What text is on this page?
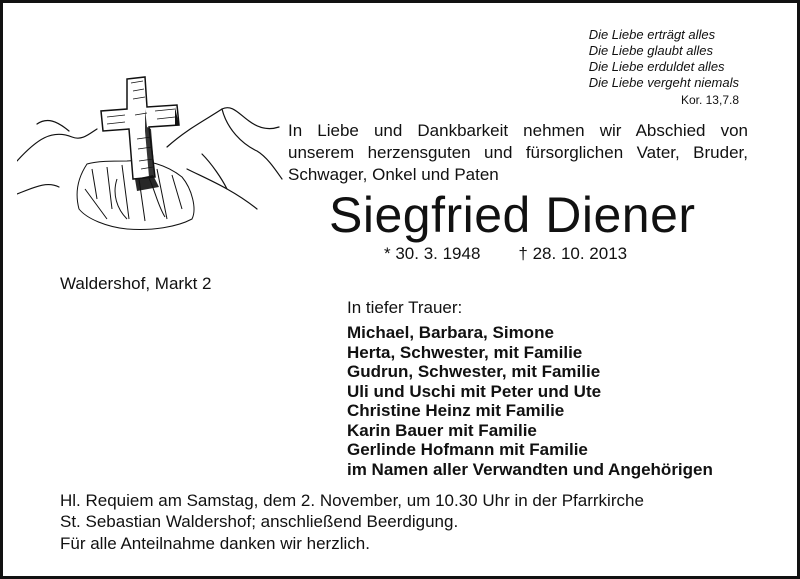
Die Liebe erträgt alles
Die Liebe glaubt alles
Die Liebe erduldet alles
Die Liebe vergeht niemals
Kor. 13,7.8
In Liebe und Dankbarkeit nehmen wir Abschied von
unserem herzensguten und fürsorglichen Vater, Bruder,
Schwager, Onkel und Paten
Siegfried Diener
* 30. 3. 1948 † 28. 10. 2013
Waldershof, Markt 2
In tiefer Trauer:
Michael, Barbara, Simone
Herta, Schwester, mit Familie
Gudrun, Schwester, mit Familie
Uli und Uschi mit Peter und Ute
Christine Heinz mit Familie
Karin Bauer mit Familie
Gerlinde Hofmann mit Familie
im Namen aller Verwandten und Angehörigen
Hl. Requiem am Samstag, dem 2. November, um 10.30 Uhr in der Pfarrkirche
St. Sebastian Waldershof; anschließend Beerdigung.
Für alle Anteilnahme danken wir herzlich.
